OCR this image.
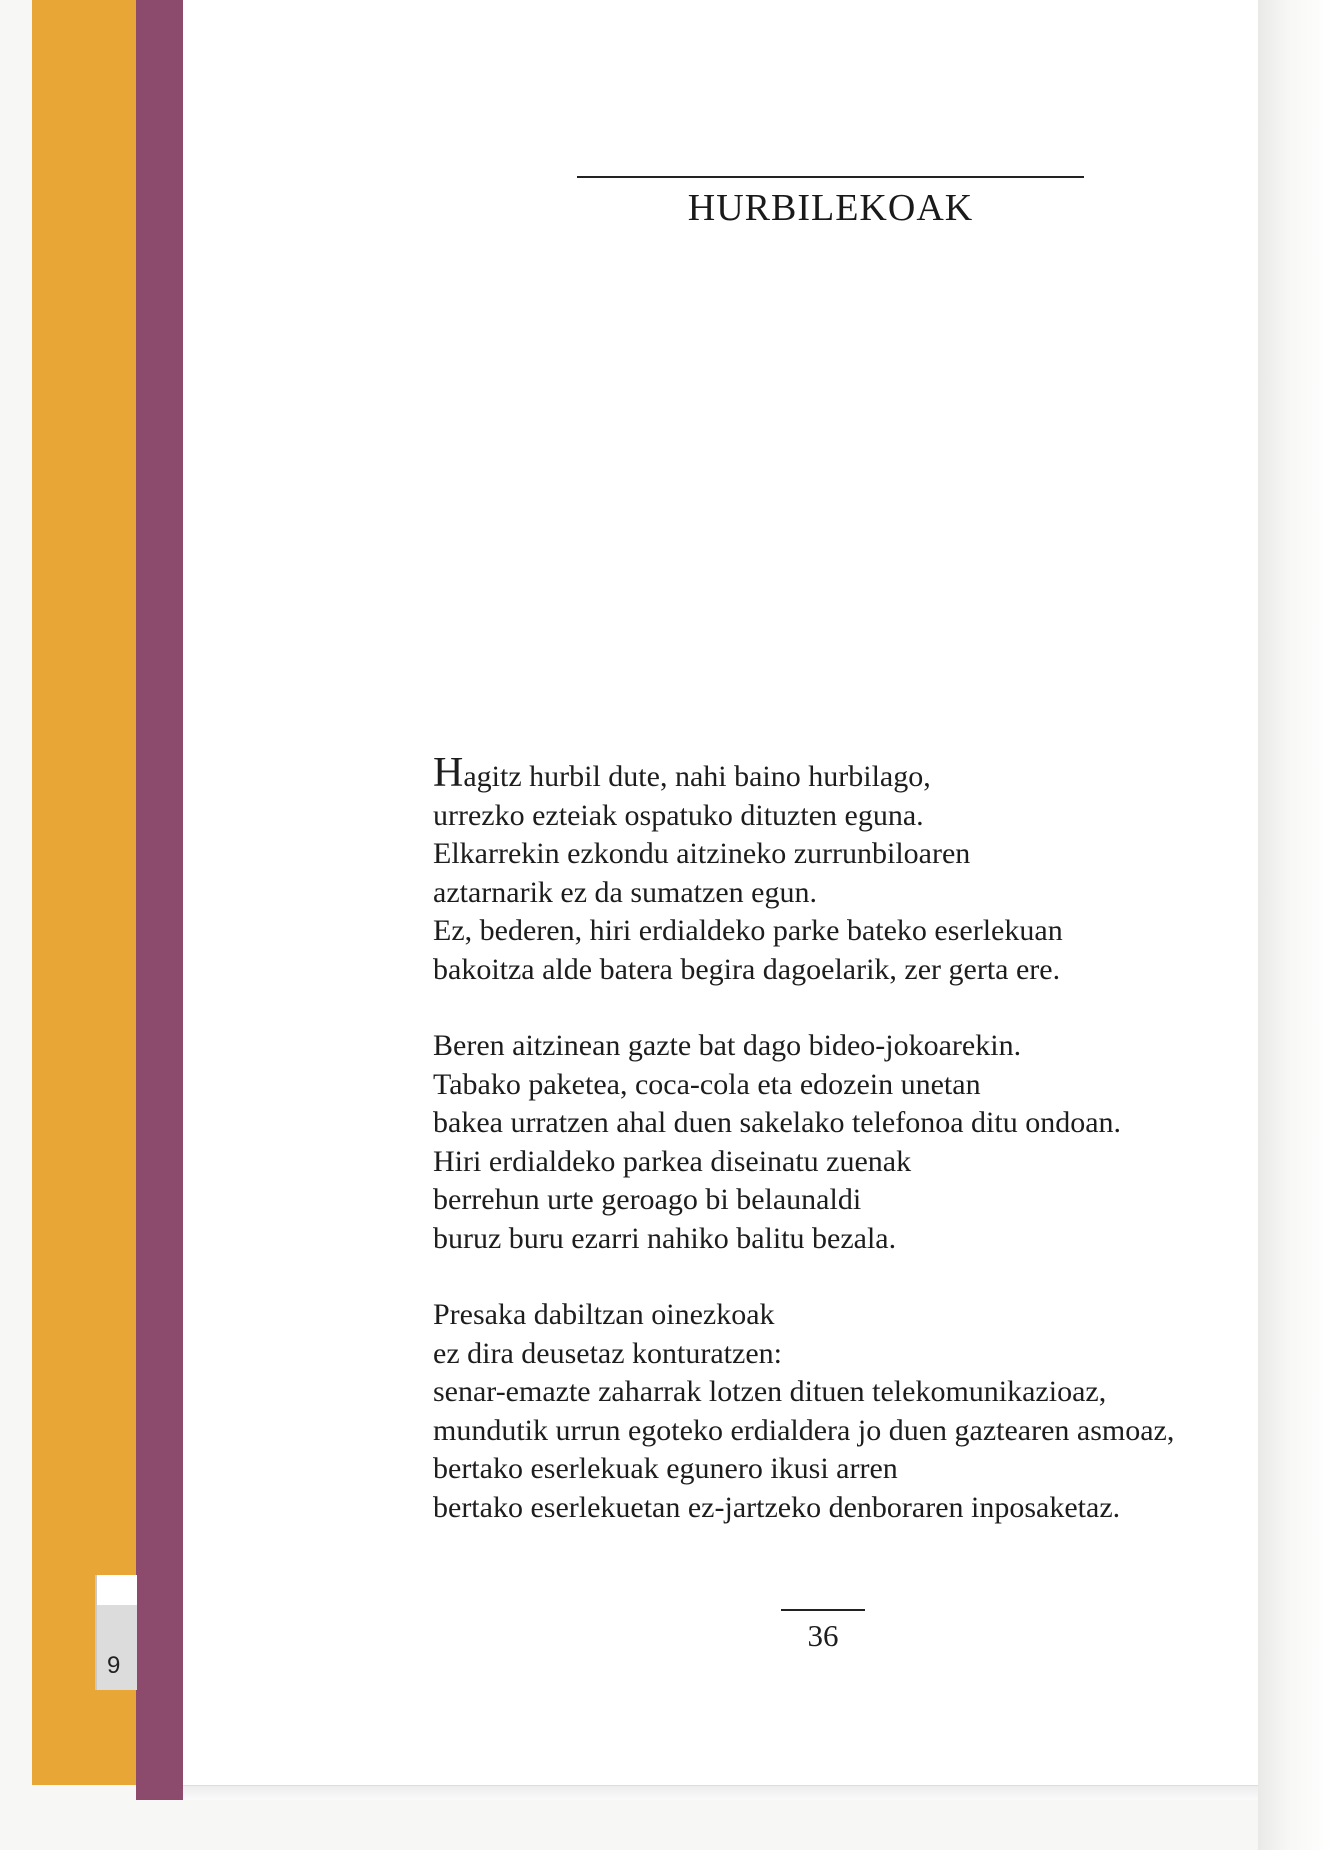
9
HURBILEKOAK
Hagitz hurbil dute, nahi baino hurbilago,
urrezko ezteiak ospatuko dituzten eguna.
Elkarrekin ezkondu aitzineko zurrunbiloaren
aztarnarik ez da sumatzen egun.
Ez, bederen, hiri erdialdeko parke bateko eserlekuan
bakoitza alde batera begira dagoelarik, zer gerta ere.
Beren aitzinean gazte bat dago bideo-jokoarekin.
Tabako paketea, coca-cola eta edozein unetan
bakea urratzen ahal duen sakelako telefonoa ditu ondoan.
Hiri erdialdeko parkea diseinatu zuenak
berrehun urte geroago bi belaunaldi
buruz buru ezarri nahiko balitu bezala.
Presaka dabiltzan oinezkoak
ez dira deusetaz konturatzen:
senar-emazte zaharrak lotzen dituen telekomunikazioaz,
mundutik urrun egoteko erdialdera jo duen gaztearen asmoaz,
bertako eserlekuak egunero ikusi arren
bertako eserlekuetan ez-jartzeko denboraren inposaketaz.
36
